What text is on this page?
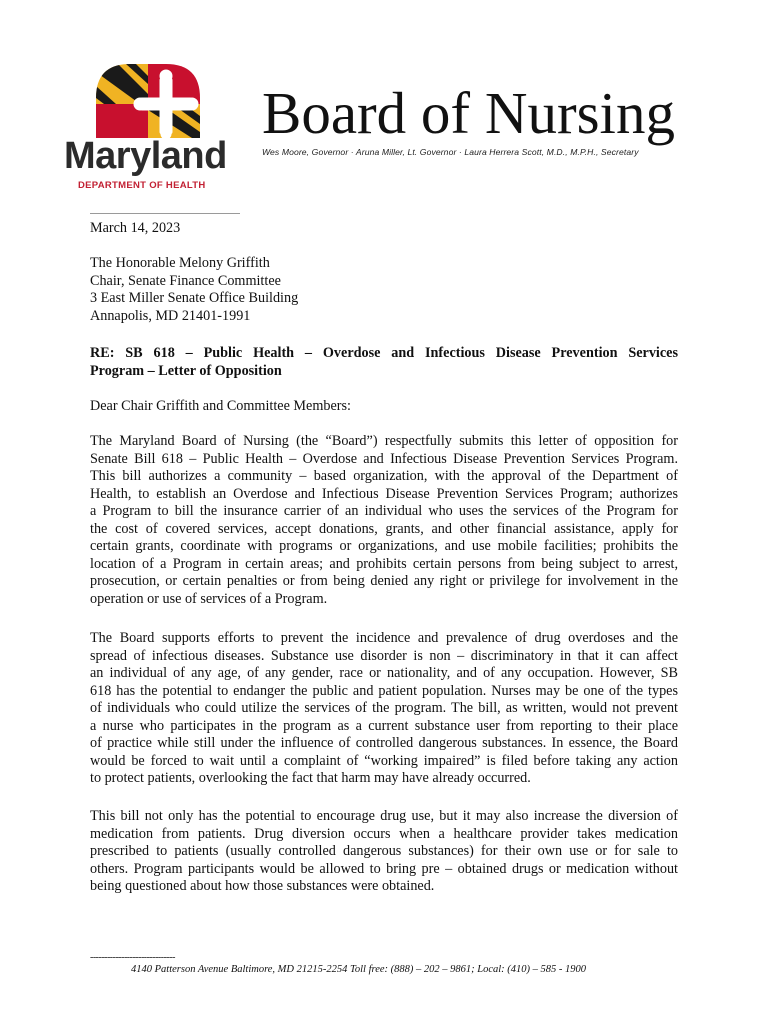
Maryland
DEPARTMENT OF HEALTH
Board of Nursing
Wes Moore, Governor · Aruna Miller, Lt. Governor · Laura Herrera Scott, M.D., M.P.H., Secretary
March 14, 2023
The Honorable Melony Griffith
Chair, Senate Finance Committee
3 East Miller Senate Office Building
Annapolis, MD 21401-1991
RE: SB 618 – Public Health – Overdose and Infectious Disease Prevention Services
Program – Letter of Opposition
Dear Chair Griffith and Committee Members:
The Maryland Board of Nursing (the “Board”) respectfully submits this letter of opposition for
Senate Bill 618 – Public Health – Overdose and Infectious Disease Prevention Services Program.
This bill authorizes a community – based organization, with the approval of the Department of
Health, to establish an Overdose and Infectious Disease Prevention Services Program; authorizes
a Program to bill the insurance carrier of an individual who uses the services of the Program for
the cost of covered services, accept donations, grants, and other financial assistance, apply for
certain grants, coordinate with programs or organizations, and use mobile facilities; prohibits the
location of a Program in certain areas; and prohibits certain persons from being subject to arrest,
prosecution, or certain penalties or from being denied any right or privilege for involvement in the
operation or use of services of a Program.
The Board supports efforts to prevent the incidence and prevalence of drug overdoses and the
spread of infectious diseases. Substance use disorder is non – discriminatory in that it can affect
an individual of any age, of any gender, race or nationality, and of any occupation. However, SB
618 has the potential to endanger the public and patient population. Nurses may be one of the types
of individuals who could utilize the services of the program. The bill, as written, would not prevent
a nurse who participates in the program as a current substance user from reporting to their place
of practice while still under the influence of controlled dangerous substances. In essence, the Board
would be forced to wait until a complaint of “working impaired” is filed before taking any action
to protect patients, overlooking the fact that harm may have already occurred.
This bill not only has the potential to encourage drug use, but it may also increase the diversion of
medication from patients. Drug diversion occurs when a healthcare provider takes medication
prescribed to patients (usually controlled dangerous substances) for their own use or for sale to
others. Program participants would be allowed to bring pre – obtained drugs or medication without
being questioned about how those substances were obtained.
------------------------------
4140 Patterson Avenue Baltimore, MD 21215-2254 Toll free: (888) – 202 – 9861; Local: (410) – 585 - 1900
